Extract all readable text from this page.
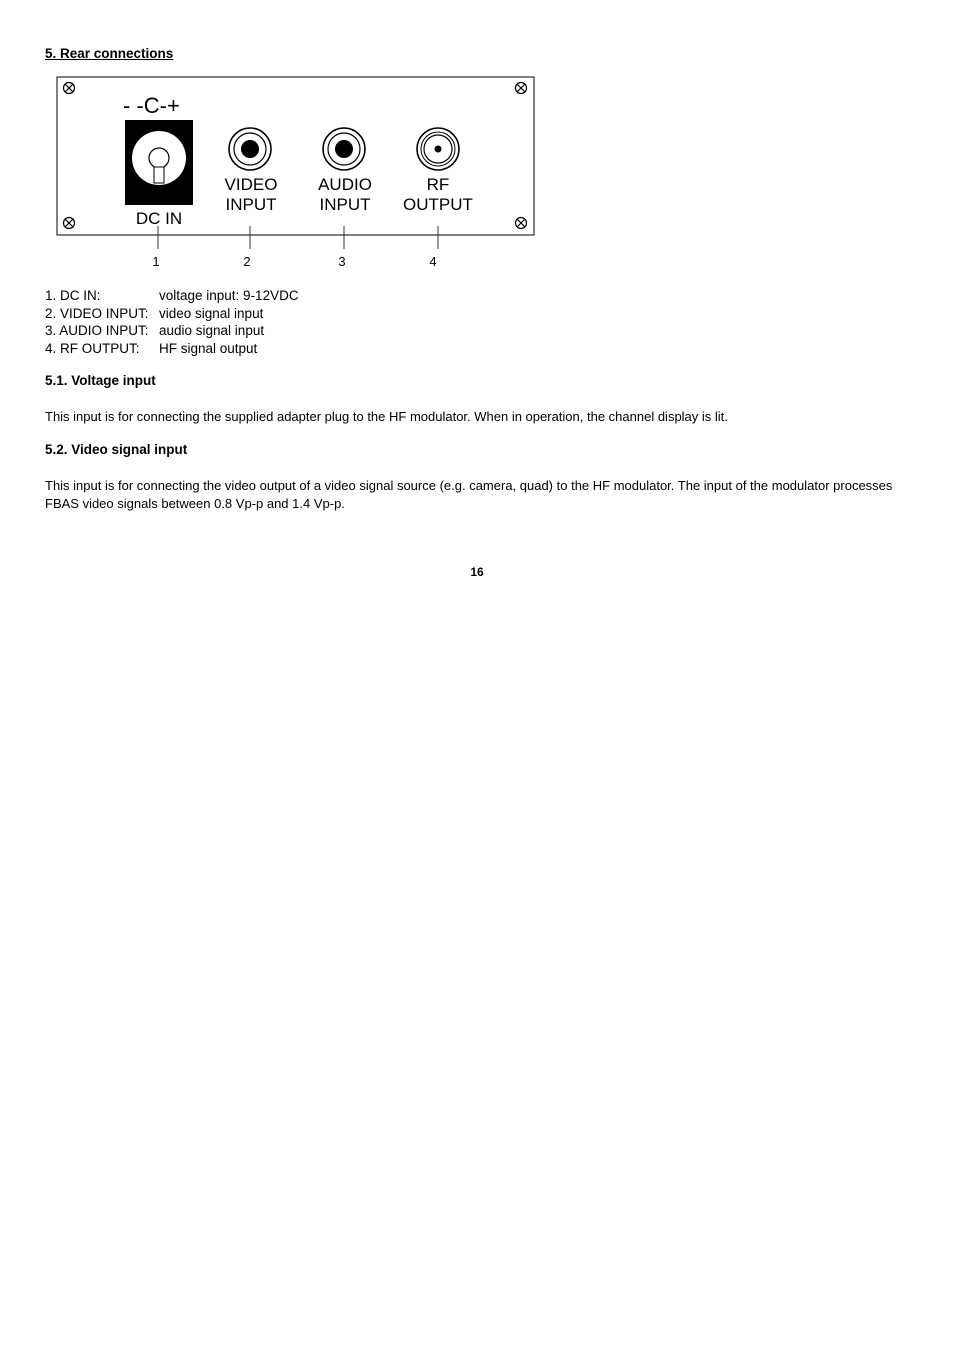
5. Rear connections
- -C-+
DC IN
VIDEO
INPUT
AUDIO
INPUT
RF
OUTPUT
1	2	3	4
1. DC IN:	voltage input: 9-12VDC
2. VIDEO INPUT: video signal input
3. AUDIO INPUT: audio signal input
4. RF OUTPUT:	HF signal output
5.1. Voltage input
This input is for connecting the supplied adapter plug to the HF modulator. When in operation, the channel display is lit.
5.2. Video signal input
This input is for connecting the video output of a video signal source (e.g. camera, quad) to the HF modulator. The input of the modulator processes FBAS video signals between 0.8 Vp-p and 1.4 Vp-p.
16
